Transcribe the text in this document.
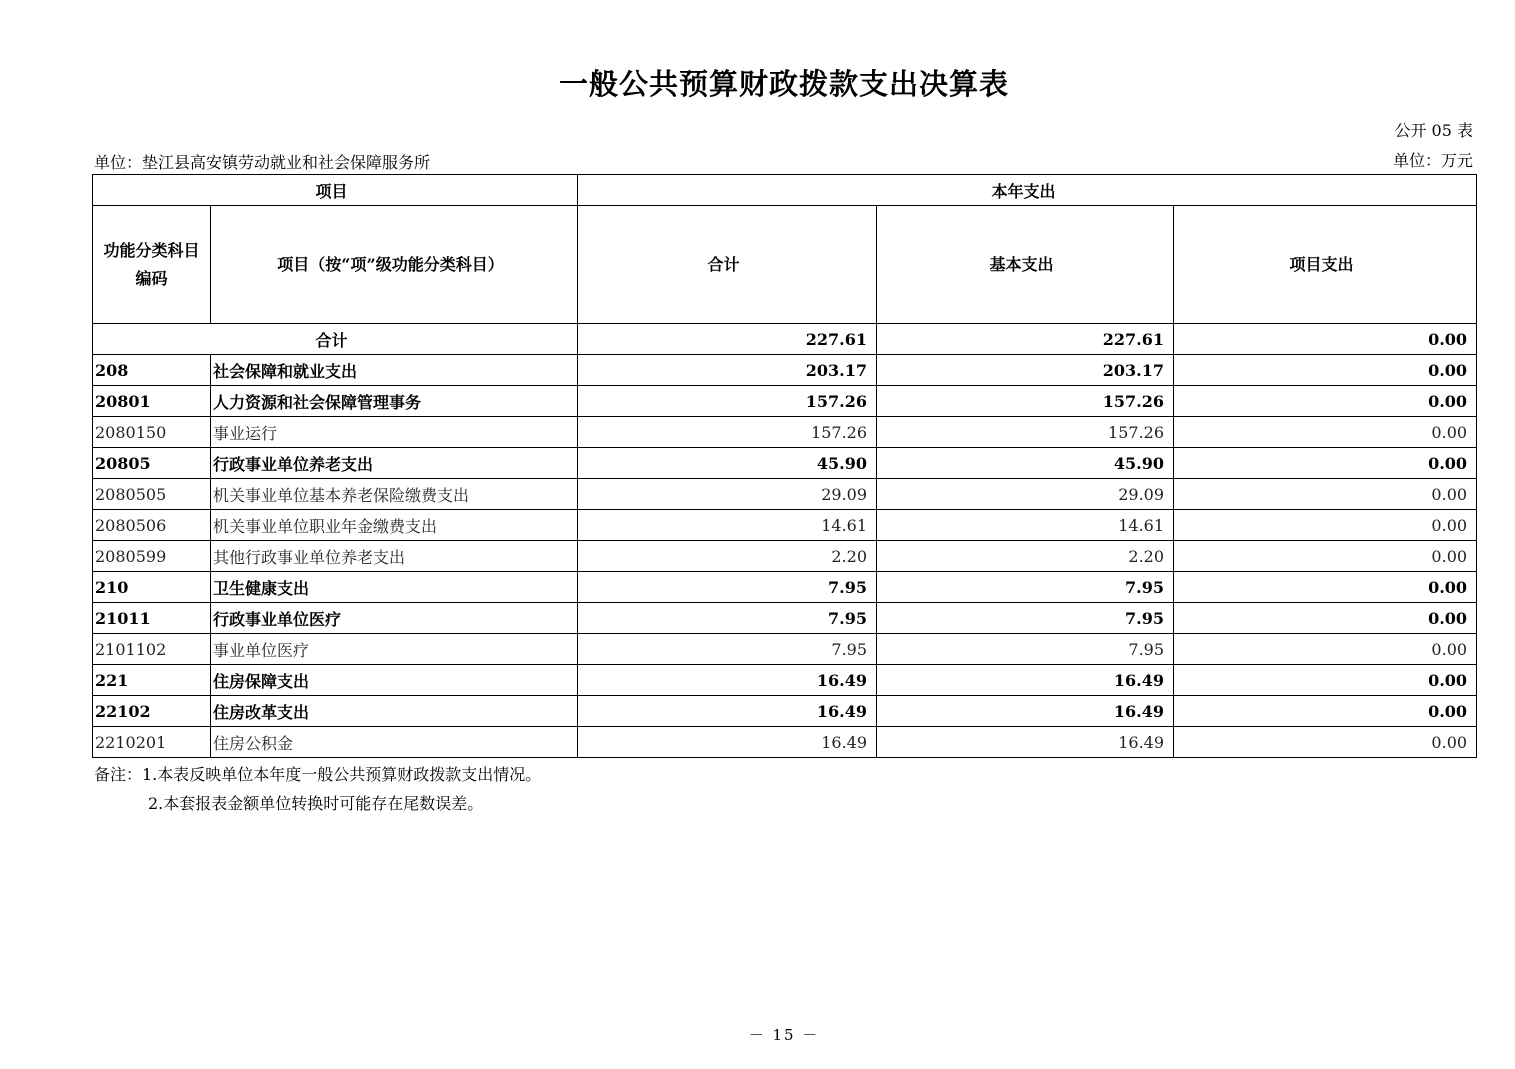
一般公共预算财政拨款支出决算表
公开 05 表
单位：垫江县高安镇劳动就业和社会保障服务所	单位：万元
项目		本年支出		
功能分类科目编码	项目（按“项”级功能分类科目）	合计	基本支出	项目支出
合计		227.61	227.61	0.00
208	社会保障和就业支出	203.17	203.17	0.00
20801	人力资源和社会保障管理事务	157.26	157.26	0.00
2080150	事业运行	157.26	157.26	0.00
20805	行政事业单位养老支出	45.90	45.90	0.00
2080505	机关事业单位基本养老保险缴费支出	29.09	29.09	0.00
2080506	机关事业单位职业年金缴费支出	14.61	14.61	0.00
2080599	其他行政事业单位养老支出	2.20	2.20	0.00
210	卫生健康支出	7.95	7.95	0.00
21011	行政事业单位医疗	7.95	7.95	0.00
2101102	事业单位医疗	7.95	7.95	0.00
221	住房保障支出	16.49	16.49	0.00
22102	住房改革支出	16.49	16.49	0.00
2210201	住房公积金	16.49	16.49	0.00
备注：1.本表反映单位本年度一般公共预算财政拨款支出情况。
2.本套报表金额单位转换时可能存在尾数误差。
－ 15 －
